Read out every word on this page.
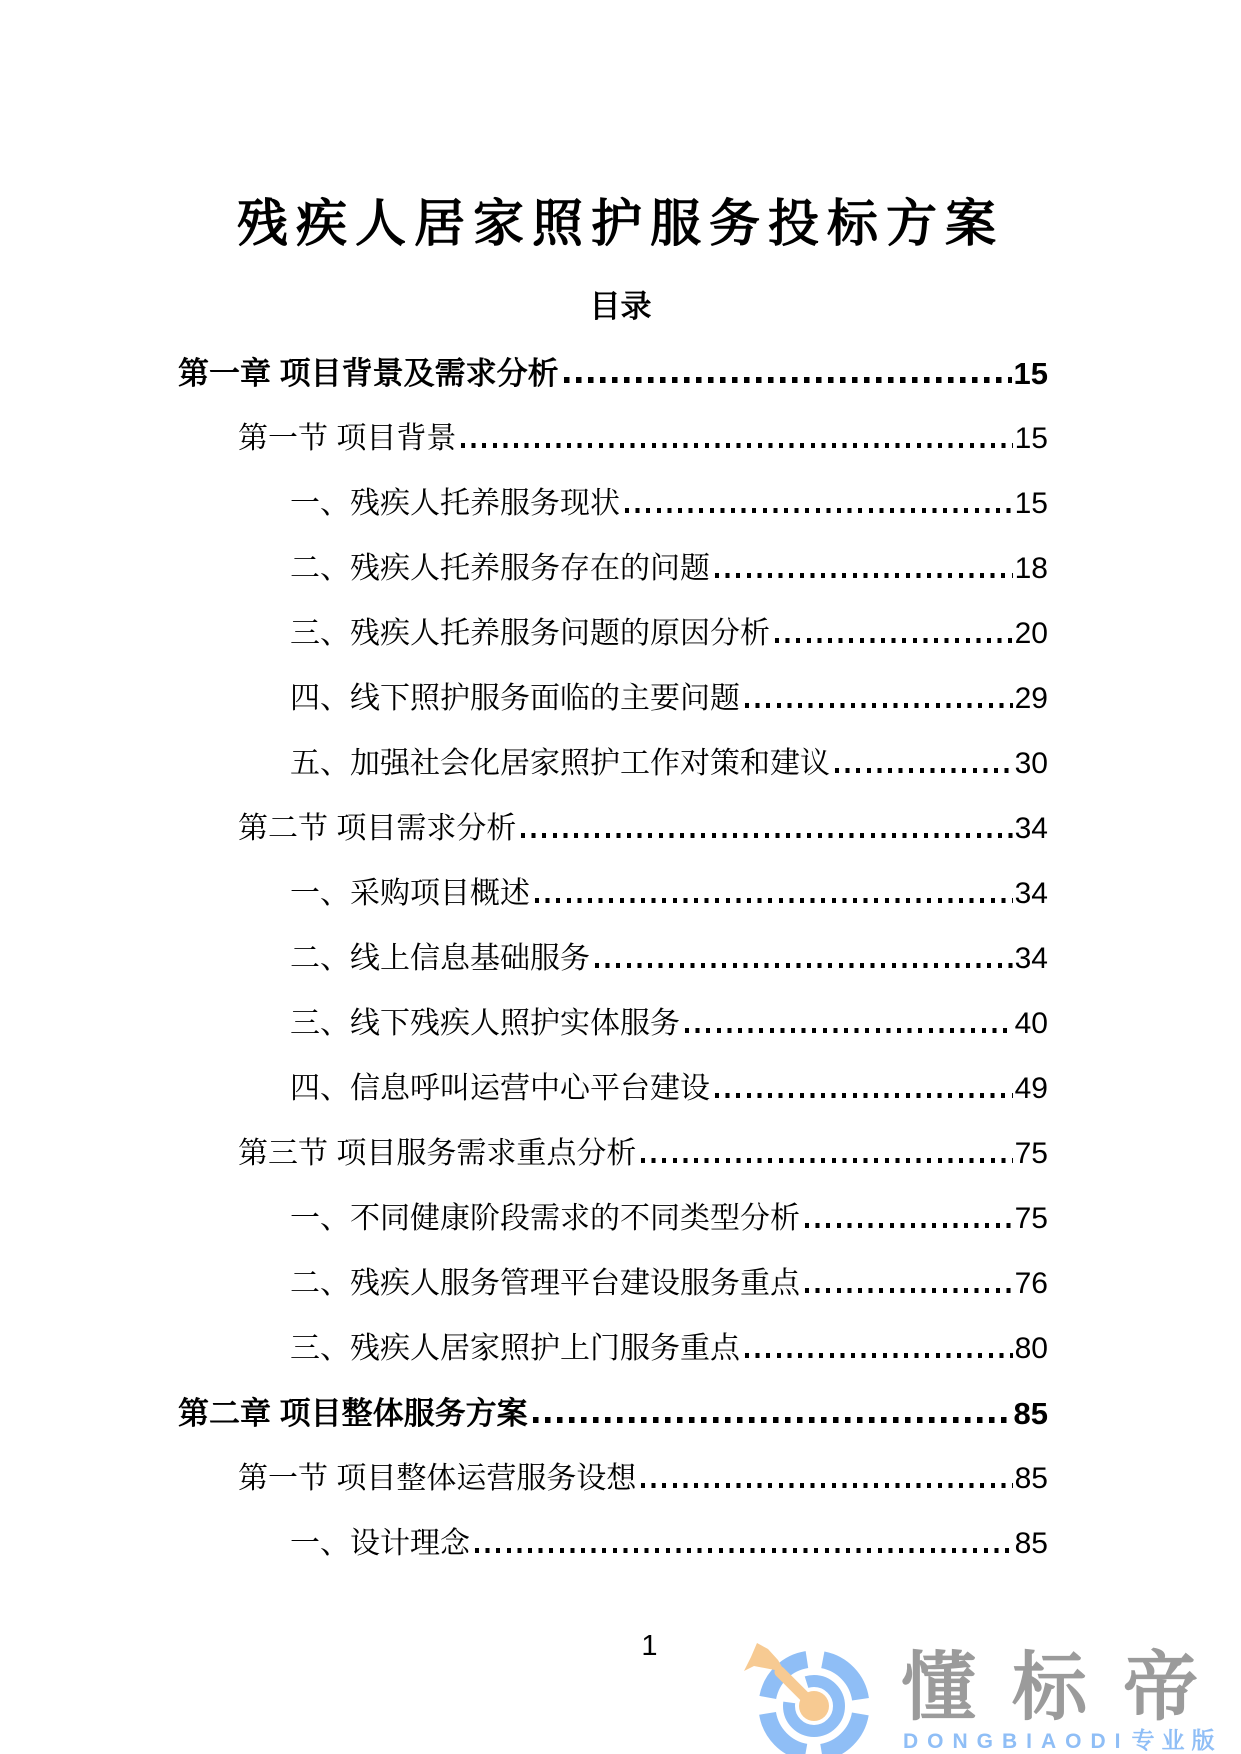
残疾人居家照护服务投标方案
目录
第一章 项目背景及需求分析	15
第一节 项目背景	15
一、残疾人托养服务现状	15
二、残疾人托养服务存在的问题	18
三、残疾人托养服务问题的原因分析	20
四、线下照护服务面临的主要问题	29
五、加强社会化居家照护工作对策和建议	30
第二节 项目需求分析	34
一、采购项目概述	34
二、线上信息基础服务	34
三、线下残疾人照护实体服务	40
四、信息呼叫运营中心平台建设	49
第三节 项目服务需求重点分析	75
一、不同健康阶段需求的不同类型分析	75
二、残疾人服务管理平台建设服务重点	76
三、残疾人居家照护上门服务重点	80
第二章 项目整体服务方案	85
第一节 项目整体运营服务设想	85
一、设计理念	85
1	懂标帝
DONGBIAODI专业版
